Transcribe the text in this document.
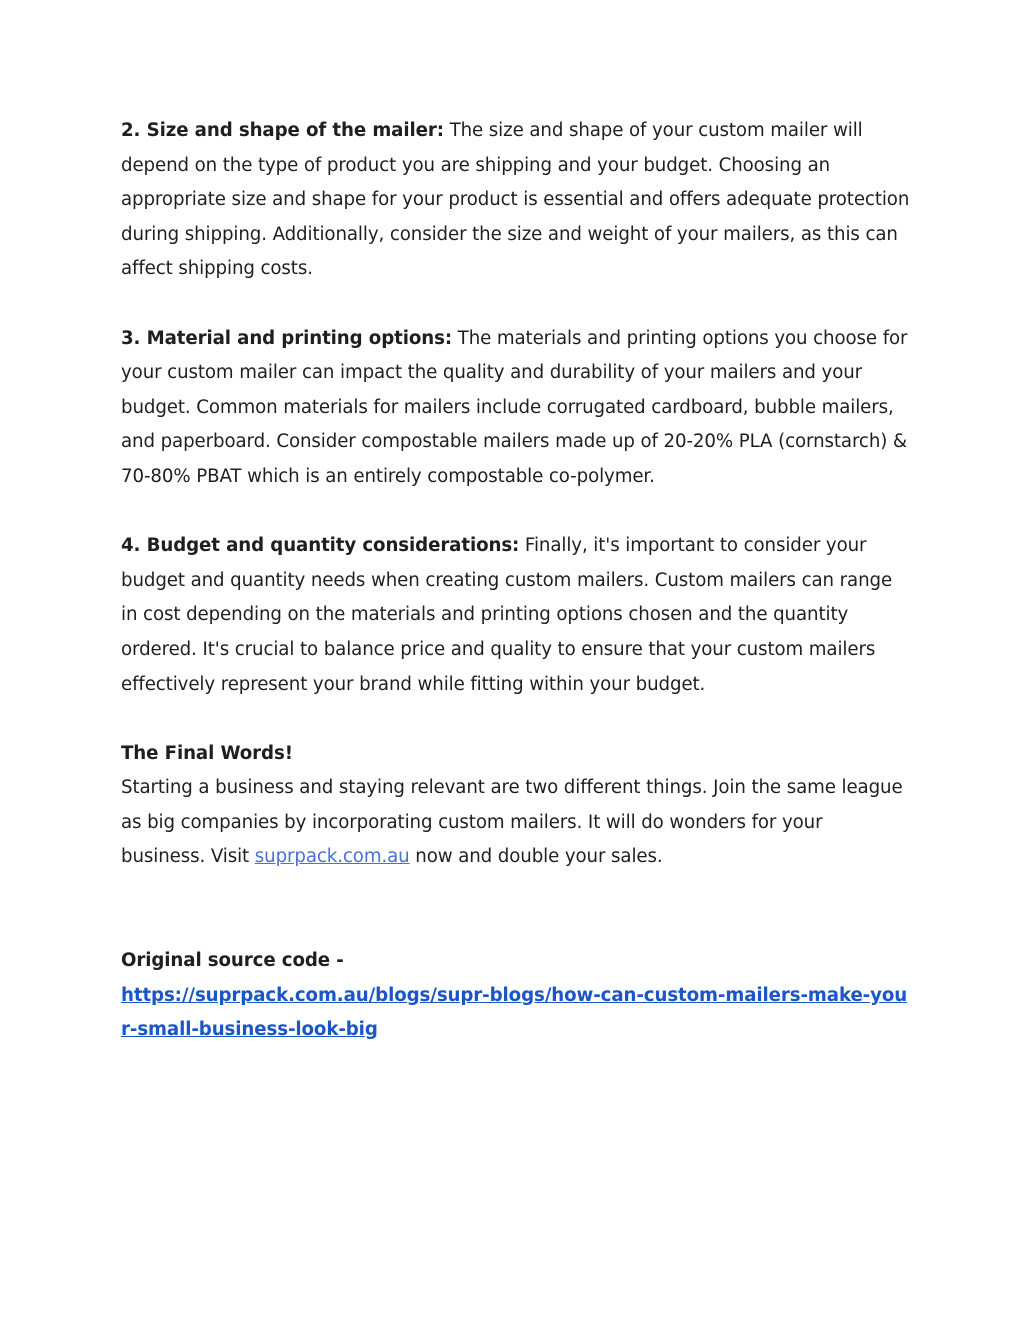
2. Size and shape of the mailer: The size and shape of your custom mailer will depend on the type of product you are shipping and your budget. Choosing an appropriate size and shape for your product is essential and offers adequate protection during shipping. Additionally, consider the size and weight of your mailers, as this can affect shipping costs.

3. Material and printing options: The materials and printing options you choose for your custom mailer can impact the quality and durability of your mailers and your budget. Common materials for mailers include corrugated cardboard, bubble mailers, and paperboard. Consider compostable mailers made up of 20-20% PLA (cornstarch) & 70-80% PBAT which is an entirely compostable co-polymer.

4. Budget and quantity considerations: Finally, it's important to consider your budget and quantity needs when creating custom mailers. Custom mailers can range in cost depending on the materials and printing options chosen and the quantity ordered. It's crucial to balance price and quality to ensure that your custom mailers effectively represent your brand while fitting within your budget.

The Final Words!
Starting a business and staying relevant are two different things. Join the same league as big companies by incorporating custom mailers. It will do wonders for your business. Visit suprpack.com.au now and double your sales.
Original source code -
https://suprpack.com.au/blogs/supr-blogs/how-can-custom-mailers-make-your-small-business-look-big
